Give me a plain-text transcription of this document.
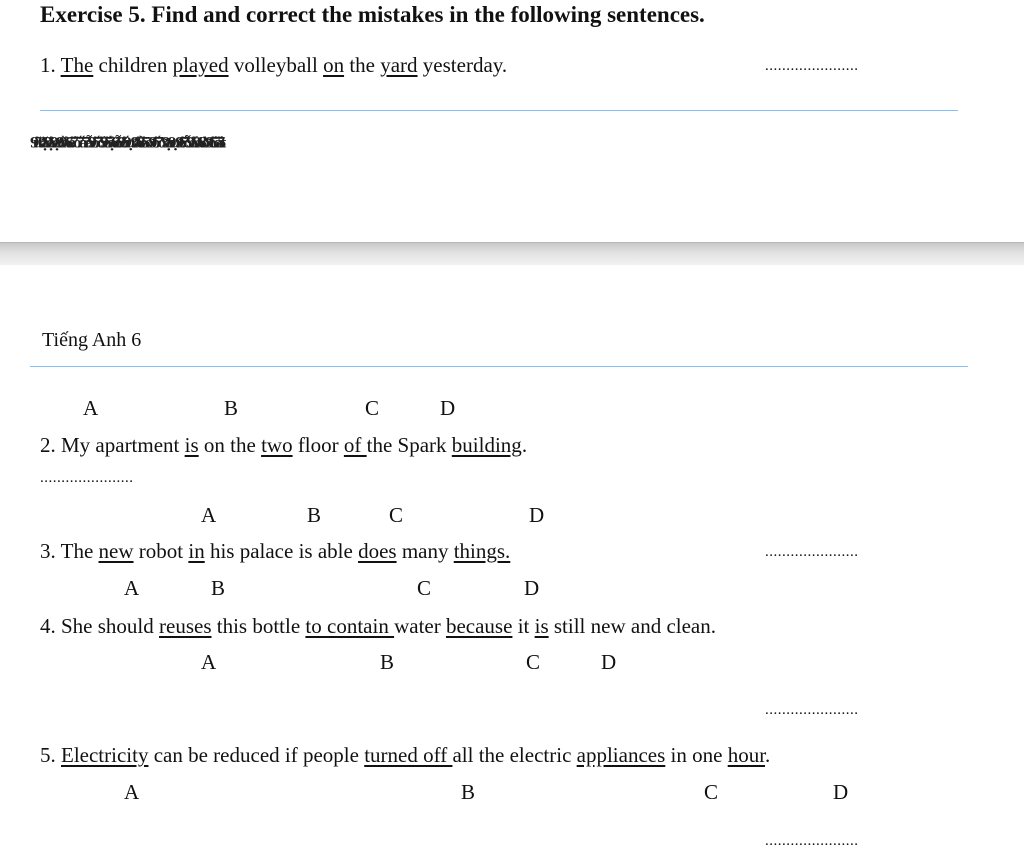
Exercise 5. Find and correct the mistakes in the following sentences.
1. The children played volleyball on the yard yesterday.	......................
9ữ0ặ9ậ9ạ99ầ6ể7ố7ắ7ẵ9ố7ổ9ế5ậ6ỗ9ố9ự9ẩ8ề5ở9ố7ở9ạ9ự9ế7ỗ9ẩ9ả8ờ9ổ5ẩ5t
Tiếng Anh 6
A	B	C	D
2. My apartment is on the two floor of the Spark building.
......................
A	B	C	D
3. The new robot in his palace is able does many things.	......................
A	B	C	D
4. She should reuses this bottle to contain water because it is still new and clean.
A	B	C	D
......................
5. Electricity can be reduced if people turned off all the electric appliances in one hour.
A	B	C	D
......................
